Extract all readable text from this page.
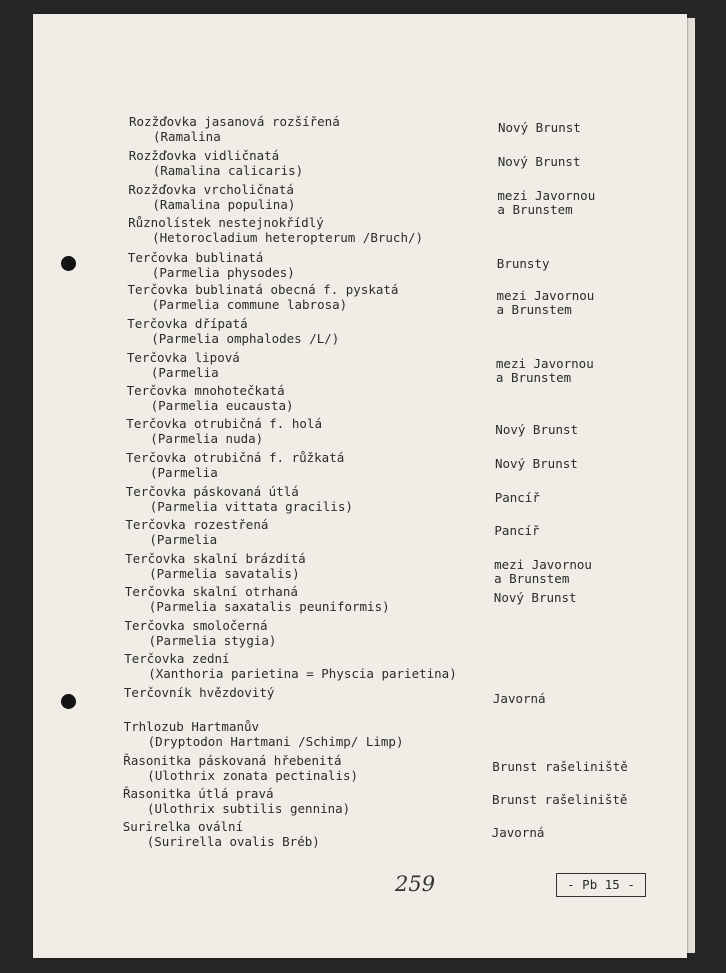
Rozžďovka jasanová rozšířená
(Ramalina
Nový Brunst
Rozžďovka vidličnatá
(Ramalina calicaris)
Nový Brunst
Rozžďovka vrcholičnatá
(Ramalina populina)
mezi Javornou
a Brunstem
Různolístek nestejnokřídlý
(Hetorocladium heteropterum /Bruch/)
Terčovka bublinatá
(Parmelia physodes)
Brunsty
Terčovka bublinatá obecná f. pyskatá
(Parmelia commune labrosa)
mezi Javornou
a Brunstem
Terčovka dřípatá
(Parmelia omphalodes /L/)
Terčovka lipová
(Parmelia
mezi Javornou
a Brunstem
Terčovka mnohotečkatá
(Parmelia eucausta)
Terčovka otrubičná f. holá
(Parmelia nuda)
Nový Brunst
Terčovka otrubičná f. růžkatá
(Parmelia
Nový Brunst
Terčovka páskovaná útlá
(Parmelia vittata gracilis)
Pancíř
Terčovka rozestřená
(Parmelia
Pancíř
Terčovka skalní brázditá
(Parmelia savatalis)
mezi Javornou
a Brunstem
Terčovka skalní otrhaná
(Parmelia saxatalis peuniformis)
Nový Brunst
Terčovka smoločerná
(Parmelia stygia)
Terčovka zední
(Xanthoria parietina = Physcia parietina)
Terčovník hvězdovitý	Javorná
Trhlozub Hartmanův
(Dryptodon Hartmani /Schimp/ Limp)
Řasonitka páskovaná hřebenitá
(Ulothrix zonata pectinalis)
Brunst rašeliniště
Řasonitka útlá pravá
(Ulothrix subtilis gennina)
Brunst rašeliniště
Surirelka ovální
(Surirella ovalis Bréb)
Javorná
259	- Pb 15 -
